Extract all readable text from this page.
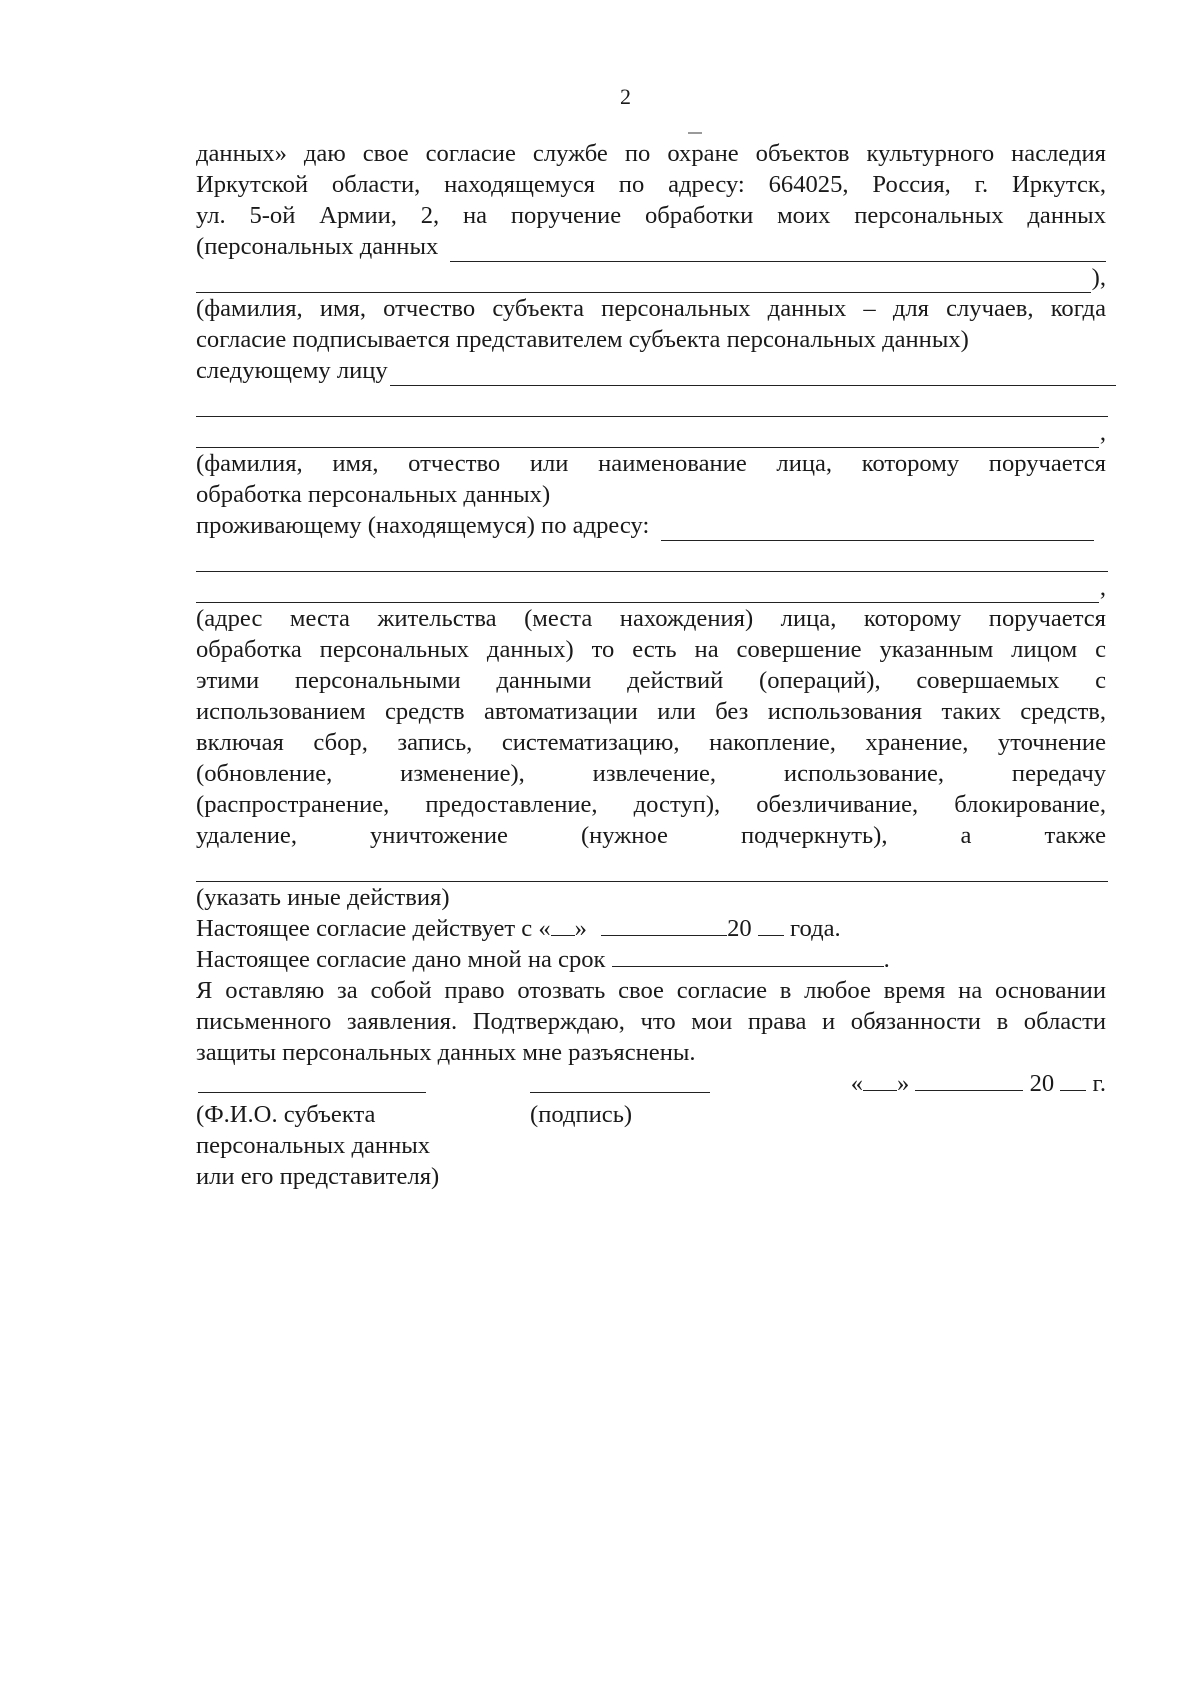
2
данных» даю свое согласие службе по охране объектов культурного наследия
Иркутской области, находящемуся по адресу: 664025, Россия, г. Иркутск,
ул. 5-ой Армии, 2, на поручение обработки моих персональных данных
(персональных данных
),
(фамилия, имя, отчество субъекта персональных данных – для случаев, когда
согласие подписывается представителем субъекта персональных данных)
следующему лицу
,
(фамилия, имя, отчество или наименование лица, которому поручается
обработка персональных данных)
проживающему (находящемуся) по адресу:
,
(адрес места жительства (места нахождения) лица, которому поручается
обработка персональных данных) то есть на совершение указанным лицом с
этими персональными данными действий (операций), совершаемых с
использованием средств автоматизации или без использования таких средств,
включая сбор, запись, систематизацию, накопление, хранение, уточнение
(обновление, изменение), извлечение, использование, передачу
(распространение, предоставление, доступ), обезличивание, блокирование,
удаление, уничтожение (нужное подчеркнуть), а также
(указать иные действия)
Настоящее согласие действует с « »	20 года.
Настоящее согласие дано мной на срок	.
Я оставляю за собой право отозвать свое согласие в любое время на основании
письменного заявления. Подтверждаю, что мои права и обязанности в области
защиты персональных данных мне разъяснены.
« »	20 г.
(Ф.И.О. субъекта
персональных данных
или его представителя)
(подпись)
